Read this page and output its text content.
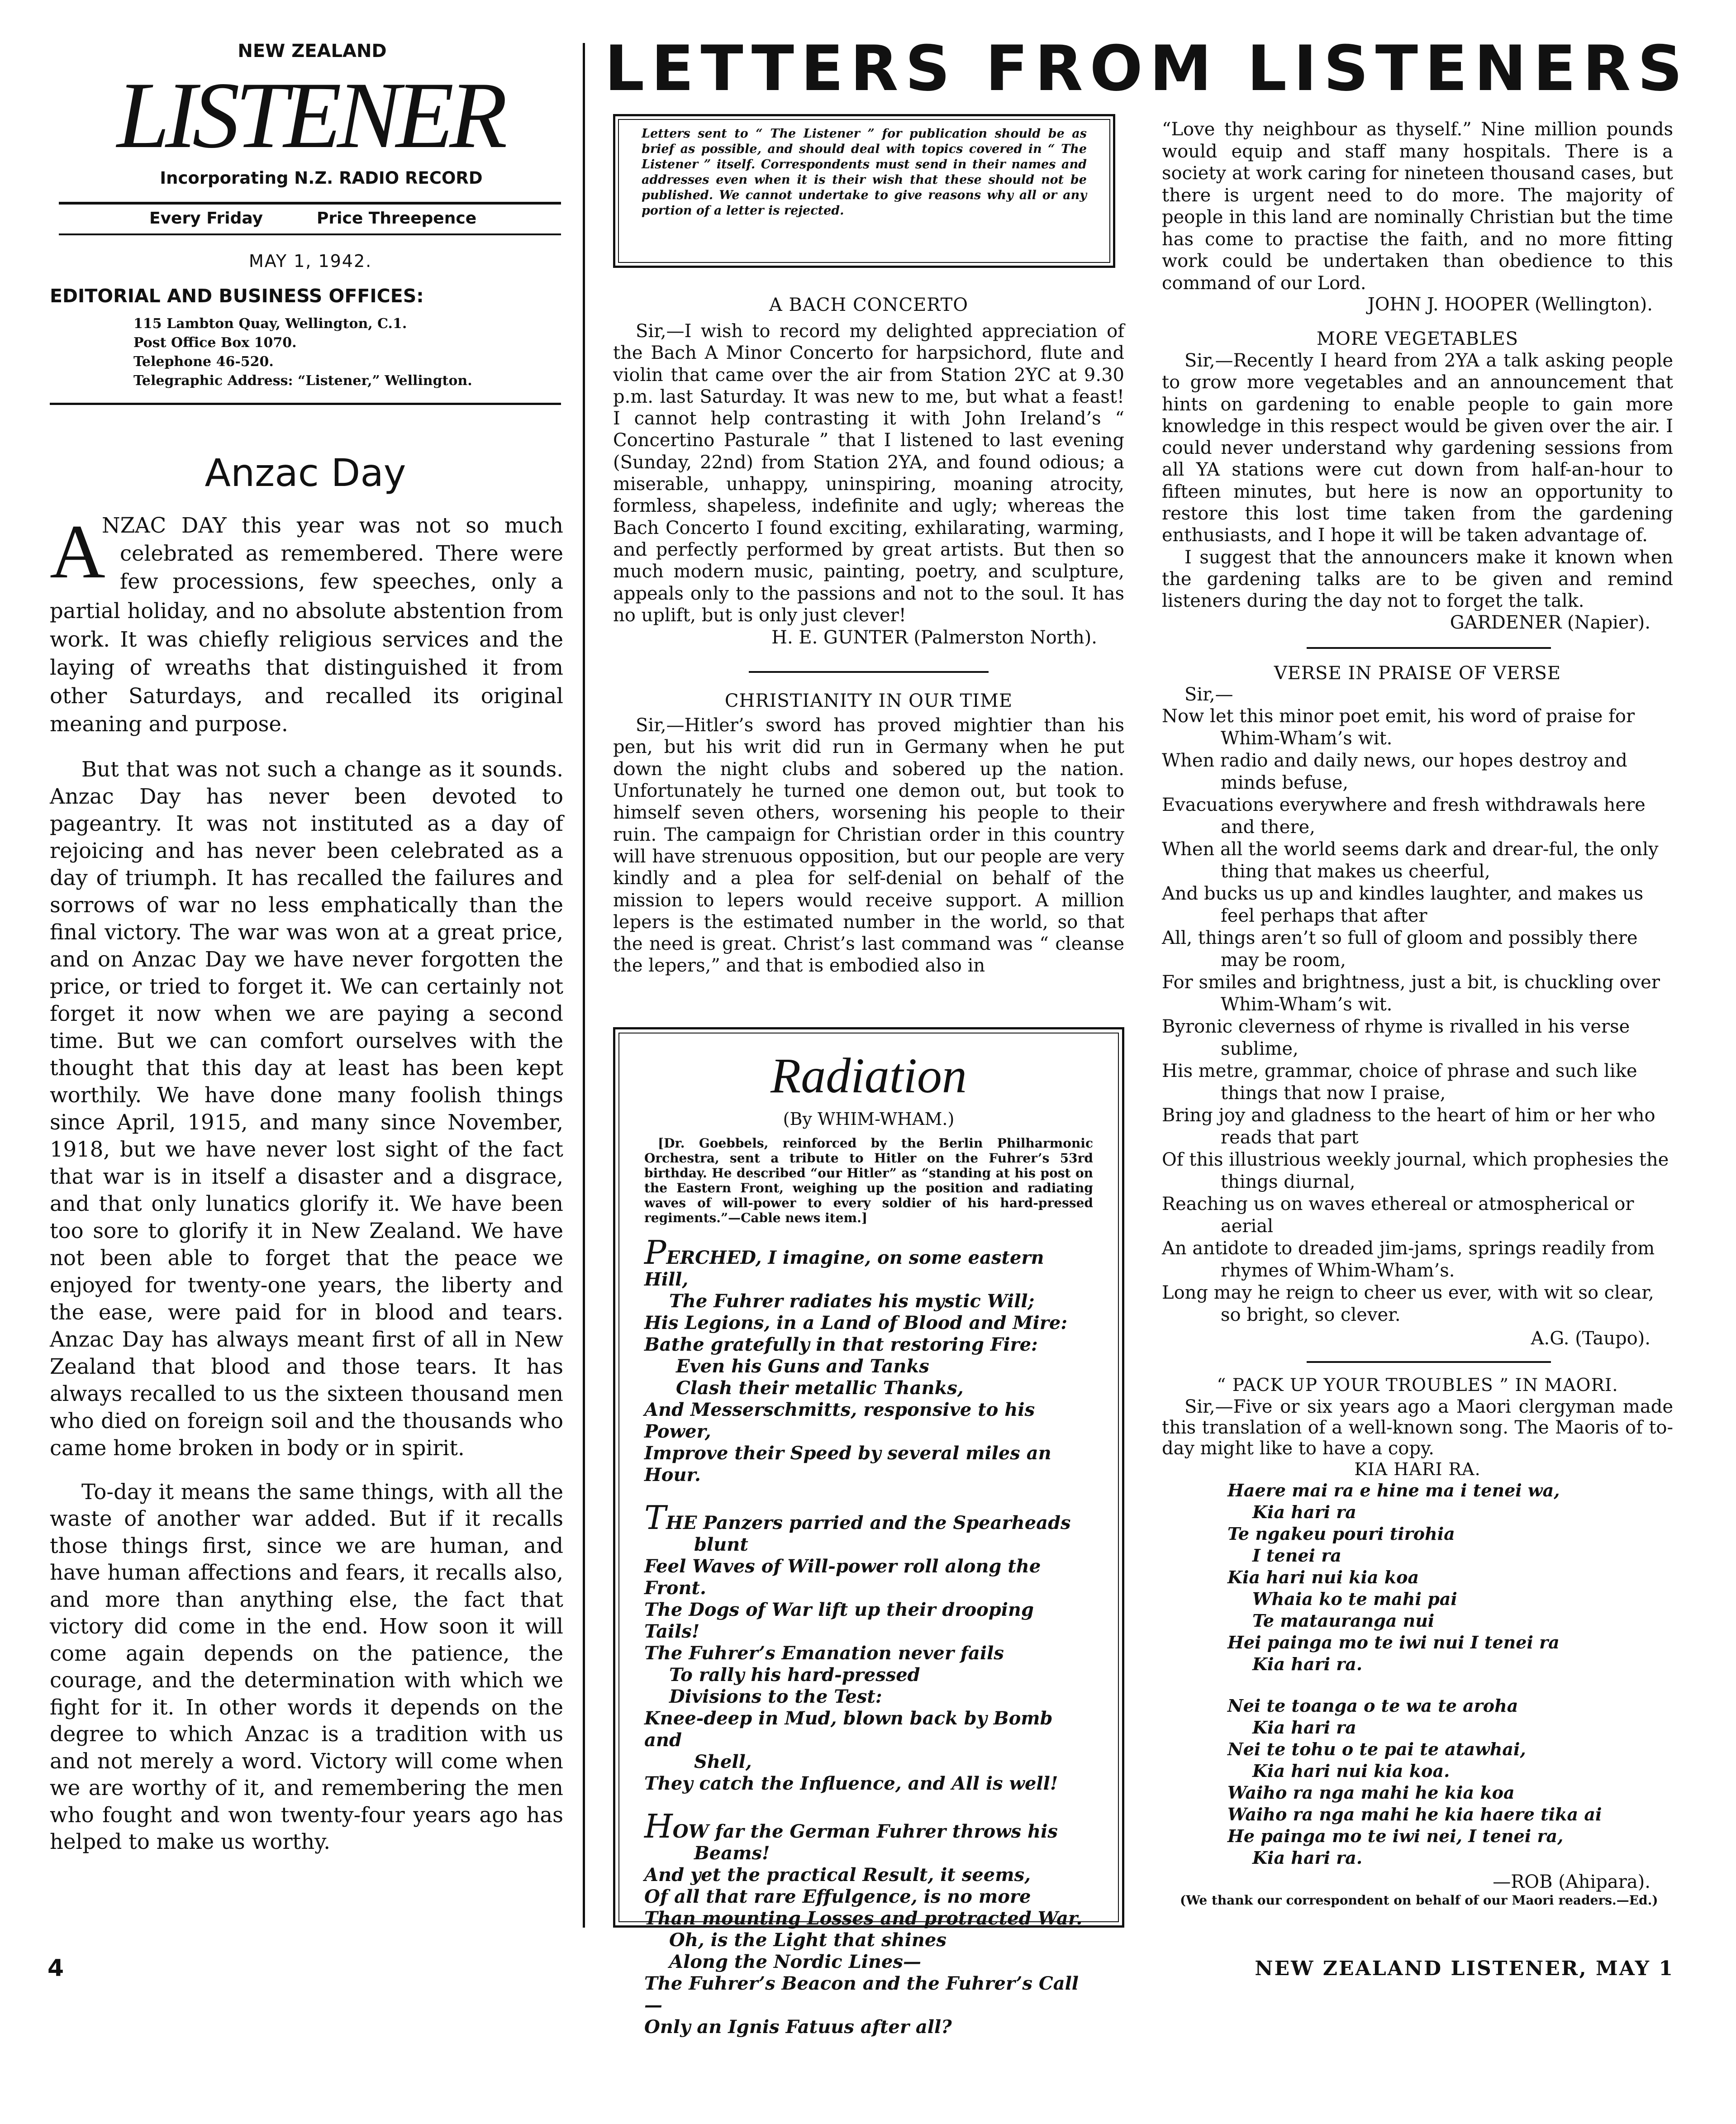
NEW ZEALAND
LISTENER
Incorporating N.Z. RADIO RECORD
Every Friday	Price Threepence
MAY 1, 1942.
EDITORIAL AND BUSINESS OFFICES:
115 Lambton Quay, Wellington, C.1.
Post Office Box 1070.
Telephone 46-520.
Telegraphic Address: “Listener,” Wellington.
Anzac Day
A
NZAC DAY this year was not so much
celebrated as remembered. There were
few processions, few speeches, only a

partial holiday, and no absolute abstention from work. It was chiefly religious services and the laying of wreaths that distinguished it from other Saturdays, and recalled its original meaning and purpose.

But that was not such a change as it sounds. Anzac Day has never been devoted to pageantry. It was not instituted as a day of rejoicing and has never been celebrated as a day of triumph. It has recalled the failures and sorrows of war no less emphatically than the final victory. The war was won at a great price, and on Anzac Day we have never forgotten the price, or tried to forget it. We can certainly not forget it now when we are paying a second time. But we can comfort ourselves with the thought that this day at least has been kept worthily. We have done many foolish things since April, 1915, and many since November, 1918, but we have never lost sight of the fact that war is in itself a disaster and a disgrace, and that only lunatics glorify it. We have been too sore to glorify it in New Zealand. We have not been able to forget that the peace we enjoyed for twenty-one years, the liberty and the ease, were paid for in blood and tears. Anzac Day has always meant first of all in New Zealand that blood and those tears. It has always recalled to us the sixteen thousand men who died on foreign soil and the thousands who came home broken in body or in spirit.

To-day it means the same things, with all the waste of another war added. But if it recalls those things first, since we are human, and have human affections and fears, it recalls also, and more than anything else, the fact that victory did come in the end. How soon it will come again depends on the patience, the courage, and the determination with which we fight for it. In other words it depends on the degree to which Anzac is a tradition with us and not merely a word. Victory will come when we are worthy of it, and remembering the men who fought and won twenty-four years ago has helped to make us worthy.

LETTERS FROM LISTENERS

Letters sent to “ The Listener ” for publication should be as brief as possible, and should deal with topics covered in “ The Listener ” itself. Correspondents must send in their names and addresses even when it is their wish that these should not be published. We cannot undertake to give reasons why all or any portion of a letter is rejected.

A BACH CONCERTO

Sir,—I wish to record my delighted appreciation of the Bach A Minor Concerto for harpsichord, flute and violin that came over the air from Station 2YC at 9.30 p.m. last Saturday. It was new to me, but what a feast! I cannot help contrasting it with John Ireland’s “ Concertino Pasturale ” that I listened to last evening (Sunday, 22nd) from Station 2YA, and found odious; a miserable, unhappy, uninspiring, moaning atrocity, formless, shapeless, indefinite and ugly; whereas the Bach Concerto I found exciting, exhilarating, warming, and perfectly performed by great artists. But then so much modern music, painting, poetry, and sculpture, appeals only to the passions and not to the soul. It has no uplift, but is only just clever!

H. E. GUNTER (Palmerston North).

CHRISTIANITY IN OUR TIME

Sir,—Hitler’s sword has proved mightier than his pen, but his writ did run in Germany when he put down the night clubs and sobered up the nation. Unfortunately he turned one demon out, but took to himself seven others, worsening his people to their ruin. The campaign for Christian order in this country will have strenuous opposition, but our people are very kindly and a plea for self-denial on behalf of the mission to lepers would receive support. A million lepers is the estimated number in the world, so that the need is great. Christ’s last command was “ cleanse the lepers,” and that is embodied also in

Radiation
(By WHIM-WHAM.)

[Dr. Goebbels, reinforced by the Berlin Philharmonic Orchestra, sent a tribute to Hitler on the Fuhrer’s 53rd birthday. He described “our Hitler” as “standing at his post on the Eastern Front, weighing up the position and radiating waves of will-power to every soldier of his hard-pressed regiments.”—Cable news item.]

PERCHED, I imagine, on some eastern Hill,
The Fuhrer radiates his mystic Will;
His Legions, in a Land of Blood and Mire:
Bathe gratefully in that restoring Fire:
Even his Guns and Tanks
Clash their metallic Thanks,
And Messerschmitts, responsive to his Power,
Improve their Speed by several miles an Hour.
THE Panzers parried and the Spearheads
blunt
Feel Waves of Will-power roll along the Front.
The Dogs of War lift up their drooping Tails!
The Fuhrer’s Emanation never fails
To rally his hard-pressed
Divisions to the Test:
Knee-deep in Mud, blown back by Bomb and
Shell,
They catch the Influence, and All is well!
HOW far the German Fuhrer throws his
Beams!
And yet the practical Result, it seems,
Of all that rare Effulgence, is no more
Than mounting Losses and protracted War.
Oh, is the Light that shines
Along the Nordic Lines—
The Fuhrer’s Beacon and the Fuhrer’s Call—
Only an Ignis Fatuus after all?

“Love thy neighbour as thyself.” Nine million pounds would equip and staff many hospitals. There is a society at work caring for nineteen thousand cases, but there is urgent need to do more. The majority of people in this land are nominally Christian but the time has come to practise the faith, and no more fitting work could be undertaken than obedience to this command of our Lord.

JOHN J. HOOPER (Wellington).

MORE VEGETABLES

Sir,—Recently I heard from 2YA a talk asking people to grow more vegetables and an announcement that hints on gardening to enable people to gain more knowledge in this respect would be given over the air. I could never understand why gardening sessions from all YA stations were cut down from half-an-hour to fifteen minutes, but here is now an opportunity to restore this lost time taken from the gardening enthusiasts, and I hope it will be taken advantage of.

I suggest that the announcers make it known when the gardening talks are to be given and remind listeners during the day not to forget the talk.

GARDENER (Napier).

VERSE IN PRAISE OF VERSE

Sir,—

Now let this minor poet emit, his word of praise for Whim-Wham’s wit.

When radio and daily news, our hopes destroy and minds befuse,

Evacuations everywhere and fresh withdrawals here and there,

When all the world seems dark and drear-ful, the only thing that makes us cheerful,

And bucks us up and kindles laughter, and makes us feel perhaps that after

All, things aren’t so full of gloom and possibly there may be room,

For smiles and brightness, just a bit, is chuckling over Whim-Wham’s wit.

Byronic cleverness of rhyme is rivalled in his verse sublime,

His metre, grammar, choice of phrase and such like things that now I praise,

Bring joy and gladness to the heart of him or her who reads that part

Of this illustrious weekly journal, which prophesies the things diurnal,

Reaching us on waves ethereal or atmospherical or aerial

An antidote to dreaded jim-jams, springs readily from rhymes of Whim-Wham’s.

Long may he reign to cheer us ever, with wit so clear, so bright, so clever.

A.G. (Taupo).

“ PACK UP YOUR TROUBLES ” IN MAORI.

Sir,—Five or six years ago a Maori clergyman made this translation of a well-known song. The Maoris of to-day might like to have a copy.

KIA HARI RA.

Haere mai ra e hine ma i tenei wa,

Kia hari ra

Te ngakeu pouri tirohia

I tenei ra

Kia hari nui kia koa

Whaia ko te mahi pai

Te matauranga nui

Hei painga mo te iwi nui I tenei ra

Kia hari ra.

Nei te toanga o te wa te aroha

Kia hari ra

Nei te tohu o te pai te atawhai,

Kia hari nui kia koa.

Waiho ra nga mahi he kia koa

Waiho ra nga mahi he kia haere tika ai

He painga mo te iwi nei, I tenei ra,

Kia hari ra.

—ROB (Ahipara).

(We thank our correspondent on behalf of our Maori readers.—Ed.)

4	NEW ZEALAND LISTENER, MAY 1
